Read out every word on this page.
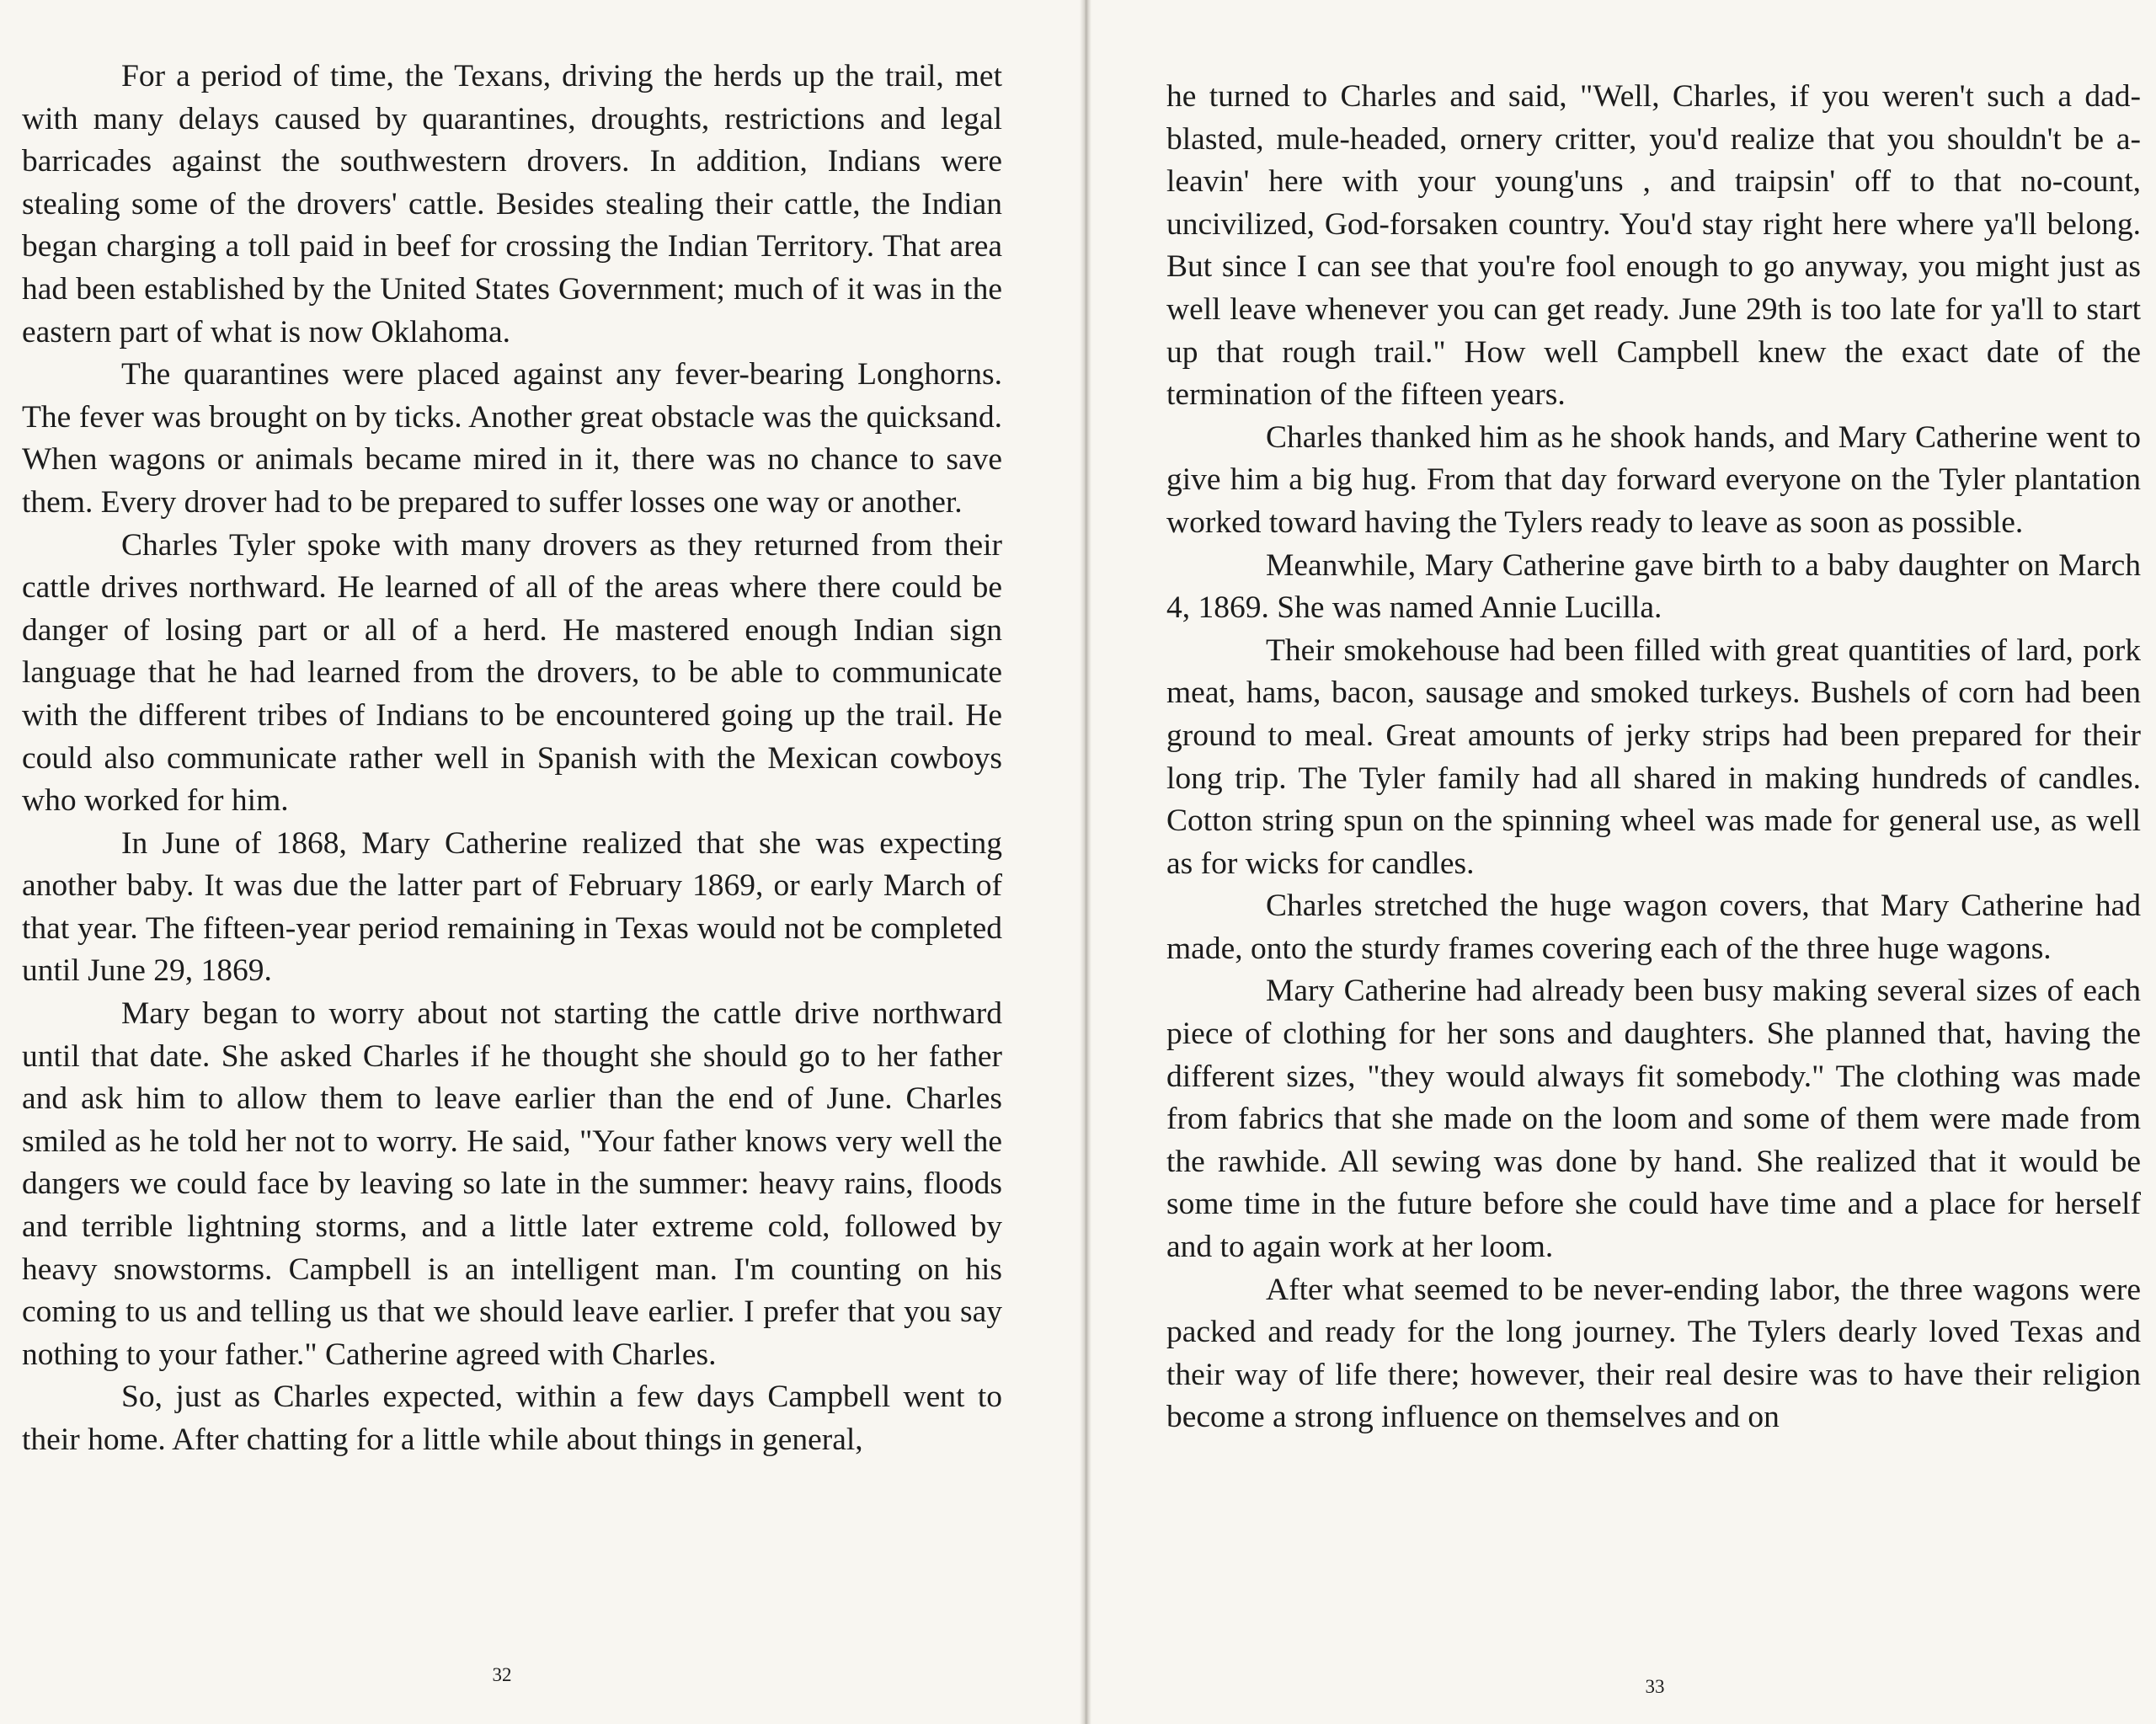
For a period of time, the Texans, driving the herds up the trail, met with many delays caused by quarantines, droughts, restrictions and legal barricades against the southwestern drovers. In addition, Indians were stealing some of the drovers' cattle. Besides stealing their cattle, the Indian began charging a toll paid in beef for crossing the Indian Territory. That area had been established by the United States Government; much of it was in the eastern part of what is now Oklahoma.

The quarantines were placed against any fever-bearing Longhorns. The fever was brought on by ticks. Another great obstacle was the quicksand. When wagons or animals became mired in it, there was no chance to save them. Every drover had to be prepared to suffer losses one way or another.

Charles Tyler spoke with many drovers as they returned from their cattle drives northward. He learned of all of the areas where there could be danger of losing part or all of a herd. He mastered enough Indian sign language that he had learned from the drovers, to be able to communicate with the different tribes of Indians to be encountered going up the trail. He could also communicate rather well in Spanish with the Mexican cowboys who worked for him.

In June of 1868, Mary Catherine realized that she was expecting another baby. It was due the latter part of February 1869, or early March of that year. The fifteen-year period remaining in Texas would not be completed until June 29, 1869.

Mary began to worry about not starting the cattle drive northward until that date. She asked Charles if he thought she should go to her father and ask him to allow them to leave earlier than the end of June. Charles smiled as he told her not to worry. He said, "Your father knows very well the dangers we could face by leaving so late in the summer: heavy rains, floods and terrible lightning storms, and a little later extreme cold, followed by heavy snowstorms. Campbell is an intelligent man. I'm counting on his coming to us and telling us that we should leave earlier. I prefer that you say nothing to your father." Catherine agreed with Charles.

So, just as Charles expected, within a few days Campbell went to their home. After chatting for a little while about things in general,

32

he turned to Charles and said, "Well, Charles, if you weren't such a dad-blasted, mule-headed, ornery critter, you'd realize that you shouldn't be a-leavin' here with your young'uns , and traipsin' off to that no-count, uncivilized, God-forsaken country. You'd stay right here where ya'll belong. But since I can see that you're fool enough to go anyway, you might just as well leave whenever you can get ready. June 29th is too late for ya'll to start up that rough trail." How well Campbell knew the exact date of the termination of the fifteen years.

Charles thanked him as he shook hands, and Mary Catherine went to give him a big hug. From that day forward everyone on the Tyler plantation worked toward having the Tylers ready to leave as soon as possible.

Meanwhile, Mary Catherine gave birth to a baby daughter on March 4, 1869. She was named Annie Lucilla.

Their smokehouse had been filled with great quantities of lard, pork meat, hams, bacon, sausage and smoked turkeys. Bushels of corn had been ground to meal. Great amounts of jerky strips had been prepared for their long trip. The Tyler family had all shared in making hundreds of candles. Cotton string spun on the spinning wheel was made for general use, as well as for wicks for candles.

Charles stretched the huge wagon covers, that Mary Catherine had made, onto the sturdy frames covering each of the three huge wagons.

Mary Catherine had already been busy making several sizes of each piece of clothing for her sons and daughters. She planned that, having the different sizes, "they would always fit somebody." The clothing was made from fabrics that she made on the loom and some of them were made from the rawhide. All sewing was done by hand. She realized that it would be some time in the future before she could have time and a place for herself and to again work at her loom.

After what seemed to be never-ending labor, the three wagons were packed and ready for the long journey. The Tylers dearly loved Texas and their way of life there; however, their real desire was to have their religion become a strong influence on themselves and on

33
